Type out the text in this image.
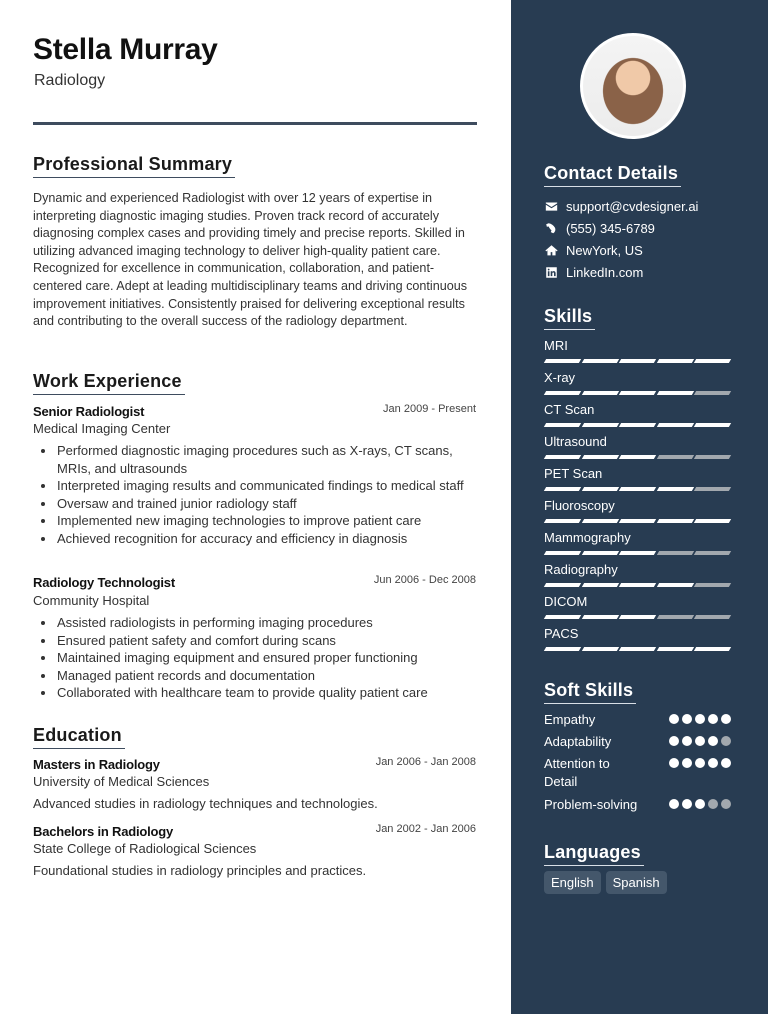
Stella Murray
Radiology
Professional Summary

Dynamic and experienced Radiologist with over 12 years of expertise in interpreting diagnostic imaging studies. Proven track record of accurately diagnosing complex cases and providing timely and precise reports. Skilled in utilizing advanced imaging technology to deliver high-quality patient care. Recognized for excellence in communication, collaboration, and patient-centered care. Adept at leading multidisciplinary teams and driving continuous improvement initiatives. Consistently praised for delivering exceptional results and contributing to the overall success of the radiology department.

Work Experience
Senior Radiologist	Jan 2009 - Present
Medical Imaging Center
Performed diagnostic imaging procedures such as X-rays, CT scans, MRIs, and ultrasounds
Interpreted imaging results and communicated findings to medical staff
Oversaw and trained junior radiology staff
Implemented new imaging technologies to improve patient care
Achieved recognition for accuracy and efficiency in diagnosis
Radiology Technologist	Jun 2006 - Dec 2008
Community Hospital
Assisted radiologists in performing imaging procedures
Ensured patient safety and comfort during scans
Maintained imaging equipment and ensured proper functioning
Managed patient records and documentation
Collaborated with healthcare team to provide quality patient care
Education
Masters in Radiology	Jan 2006 - Jan 2008
University of Medical Sciences
Advanced studies in radiology techniques and technologies.
Bachelors in Radiology	Jan 2002 - Jan 2006
State College of Radiological Sciences
Foundational studies in radiology principles and practices.
Contact Details
support@cvdesigner.ai
(555) 345-6789
NewYork, US
LinkedIn.com
Skills
MRI
X-ray
CT Scan
Ultrasound
PET Scan
Fluoroscopy
Mammography
Radiography
DICOM
PACS
Soft Skills
Empathy
Adaptability
Attention to Detail
Problem-solving
Languages
English	Spanish
